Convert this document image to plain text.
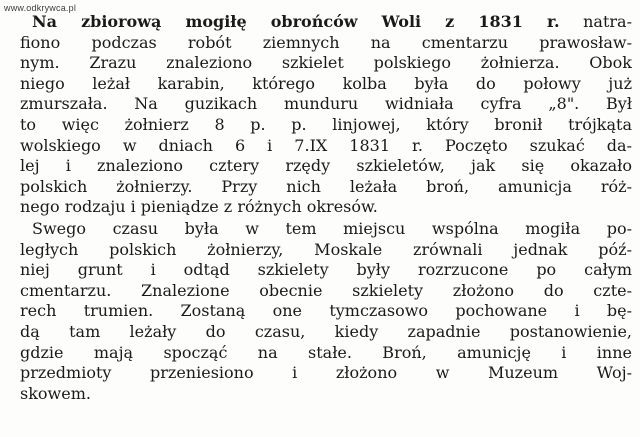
www.odkrywca.pl
Na zbiorową mogiłę obrońców Woli z 1831 r. natra-
fiono podczas robót ziemnych na cmentarzu prawosław-
nym. Zrazu znaleziono szkielet polskiego żołnierza. Obok
niego leżał karabin, którego kolba była do połowy już
zmurszała. Na guzikach munduru widniała cyfra „8". Był
to więc żołnierz 8 p. p. linjowej, który bronił trójkąta
wolskiego w dniach 6 i 7.IX 1831 r. Poczęto szukać da-
lej i znaleziono cztery rzędy szkieletów, jak się okazało
polskich żołnierzy. Przy nich leżała broń, amunicja róż-
nego rodzaju i pieniądze z różnych okresów.
Swego czasu była w tem miejscu wspólna mogiła po-
ległych polskich żołnierzy, Moskale zrównali jednak póź-
niej grunt i odtąd szkielety były rozrzucone po całym
cmentarzu. Znalezione obecnie szkielety złożono do czte-
rech trumien. Zostaną one tymczasowo pochowane i bę-
dą tam leżały do czasu, kiedy zapadnie postanowienie,
gdzie mają spocząć na stałe. Broń, amunicję i inne
przedmioty przeniesiono i złożono w Muzeum Woj-
skowem.
